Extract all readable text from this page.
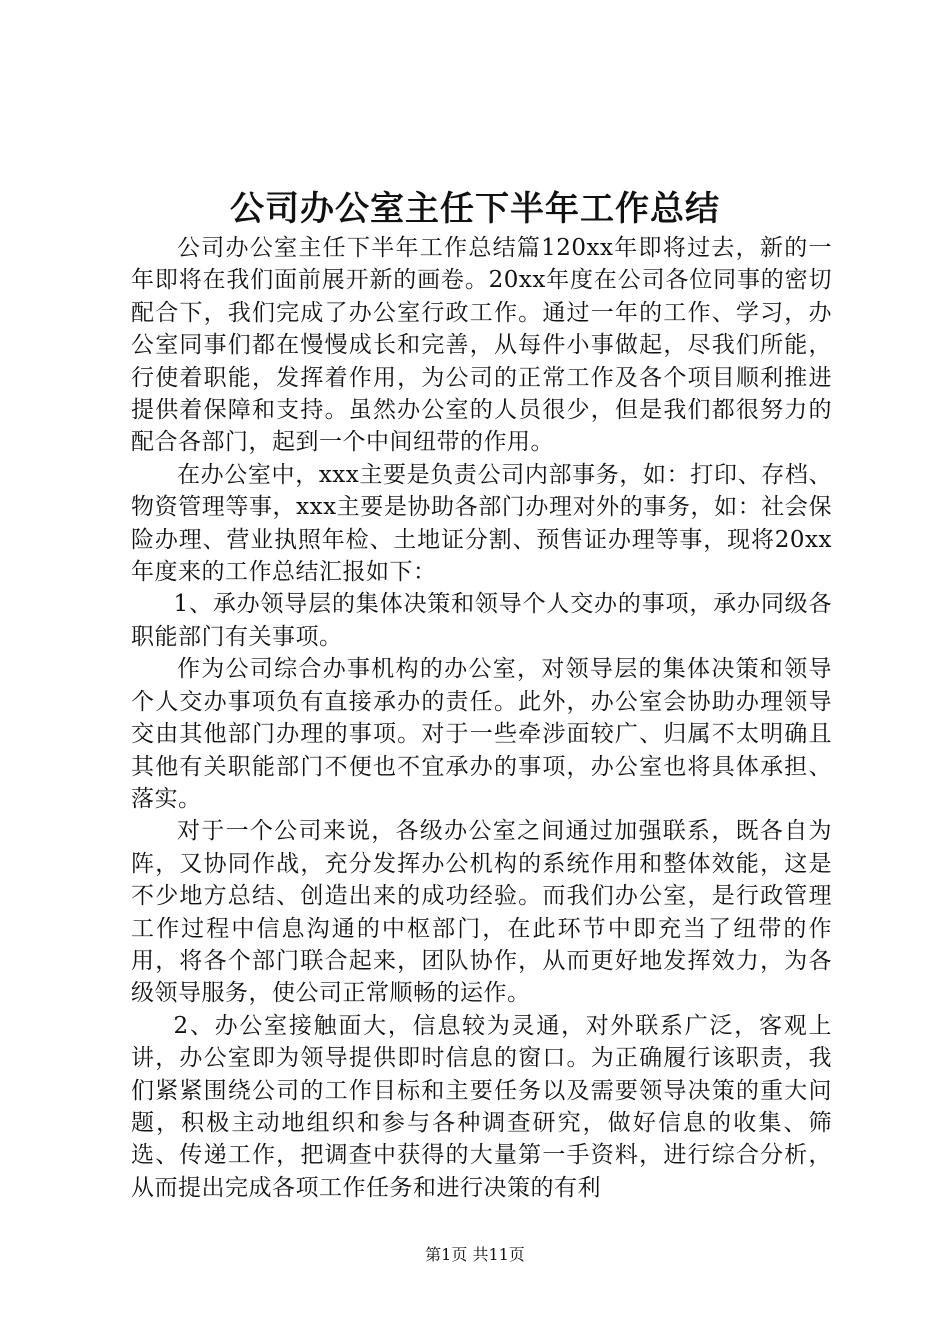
公司办公室主任下半年工作总结

公司办公室主任下半年工作总结篇120xx年即将过去，新的一年即将在我们面前展开新的画卷。20xx年度在公司各位同事的密切配合下，我们完成了办公室行政工作。通过一年的工作、学习，办公室同事们都在慢慢成长和完善，从每件小事做起，尽我们所能，行使着职能，发挥着作用，为公司的正常工作及各个项目顺利推进提供着保障和支持。虽然办公室的人员很少，但是我们都很努力的配合各部门，起到一个中间纽带的作用。

在办公室中，xxx主要是负责公司内部事务，如：打印、存档、物资管理等事，xxx主要是协助各部门办理对外的事务，如：社会保险办理、营业执照年检、土地证分割、预售证办理等事，现将20xx年度来的工作总结汇报如下：

1、承办领导层的集体决策和领导个人交办的事项，承办同级各职能部门有关事项。

作为公司综合办事机构的办公室，对领导层的集体决策和领导个人交办事项负有直接承办的责任。此外，办公室会协助办理领导交由其他部门办理的事项。对于一些牵涉面较广、归属不太明确且其他有关职能部门不便也不宜承办的事项，办公室也将具体承担、落实。

对于一个公司来说，各级办公室之间通过加强联系，既各自为阵，又协同作战，充分发挥办公机构的系统作用和整体效能，这是不少地方总结、创造出来的成功经验。而我们办公室，是行政管理工作过程中信息沟通的中枢部门，在此环节中即充当了纽带的作用，将各个部门联合起来，团队协作，从而更好地发挥效力，为各级领导服务，使公司正常顺畅的运作。

2、办公室接触面大，信息较为灵通，对外联系广泛，客观上讲，办公室即为领导提供即时信息的窗口。为正确履行该职责，我们紧紧围绕公司的工作目标和主要任务以及需要领导决策的重大问题，积极主动地组织和参与各种调查研究，做好信息的收集、筛选、传递工作，把调查中获得的大量第一手资料，进行综合分析，从而提出完成各项工作任务和进行决策的有利

第1页 共11页
